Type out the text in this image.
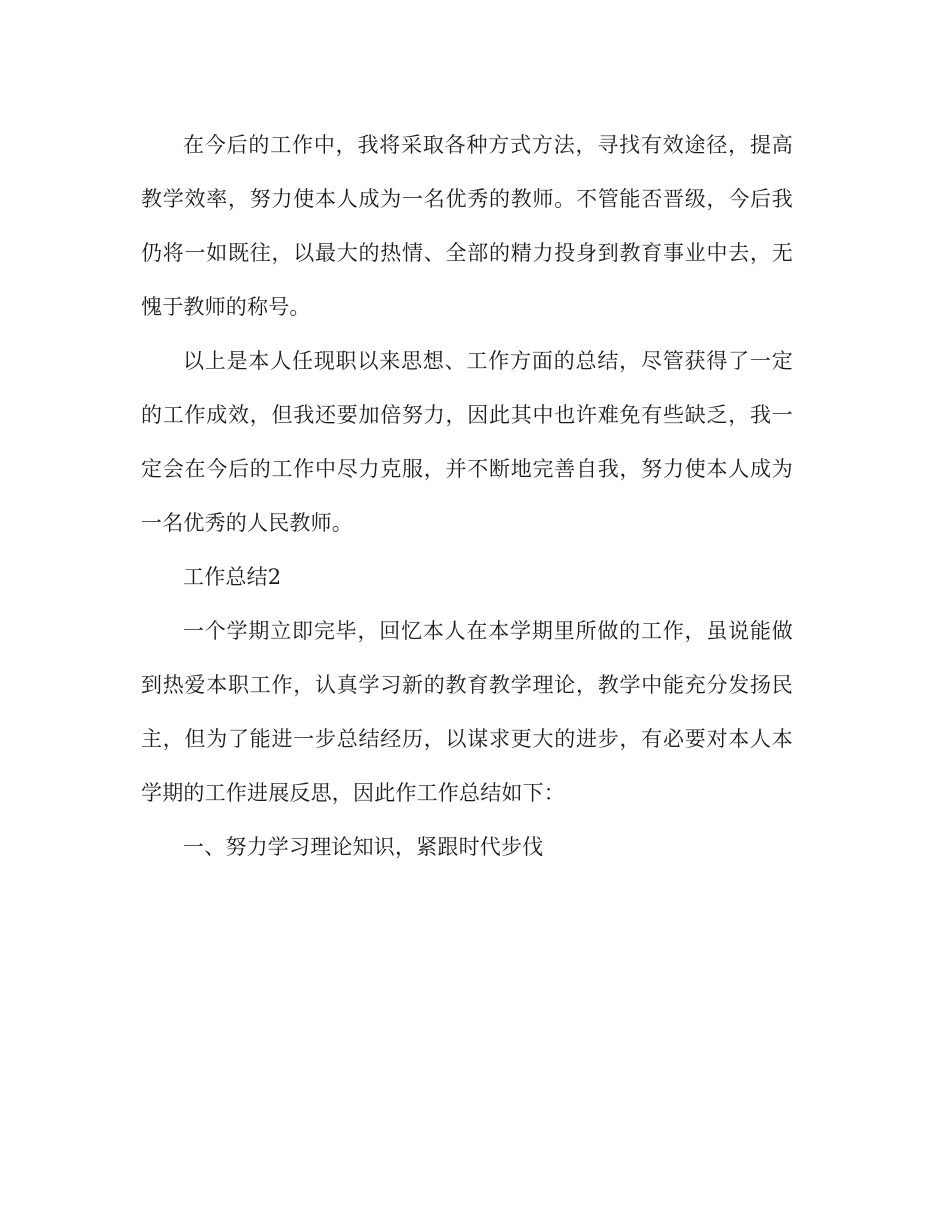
在今后的工作中，我将采取各种方式方法，寻找有效途径，提高教学效率，努力使本人成为一名优秀的教师。不管能否晋级，今后我仍将一如既往，以最大的热情、全部的精力投身到教育事业中去，无愧于教师的称号。

以上是本人任现职以来思想、工作方面的总结，尽管获得了一定的工作成效，但我还要加倍努力，因此其中也许难免有些缺乏，我一定会在今后的工作中尽力克服，并不断地完善自我，努力使本人成为一名优秀的人民教师。

工作总结2

一个学期立即完毕，回忆本人在本学期里所做的工作，虽说能做到热爱本职工作，认真学习新的教育教学理论，教学中能充分发扬民主，但为了能进一步总结经历，以谋求更大的进步，有必要对本人本学期的工作进展反思，因此作工作总结如下：

一、努力学习理论知识，紧跟时代步伐
